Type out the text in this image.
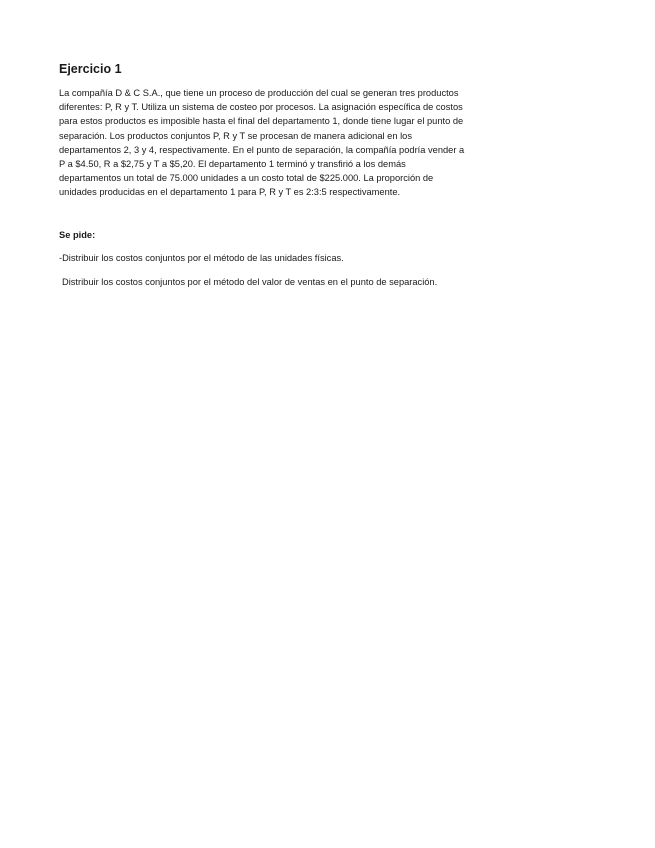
Ejercicio 1
La compañía D & C S.A., que tiene un proceso de producción del cual se generan tres productos
diferentes: P, R y T. Utiliza un sistema de costeo por procesos. La asignación específica de costos
para estos productos es imposible hasta el final del departamento 1, donde tiene lugar el punto de
separación. Los productos conjuntos P, R y T se procesan de manera adicional en los
departamentos 2, 3 y 4, respectivamente. En el punto de separación, la compañía podría vender a
P a $4.50, R a $2,75 y T a $5,20. El departamento 1 terminó y transfirió a los demás
departamentos un total de 75.000 unidades a un costo total de $225.000. La proporción de
unidades producidas en el departamento 1 para P, R y T es 2:3:5 respectivamente.
Se pide:
-Distribuir los costos conjuntos por el método de las unidades físicas.
Distribuir los costos conjuntos por el método del valor de ventas en el punto de separación.
